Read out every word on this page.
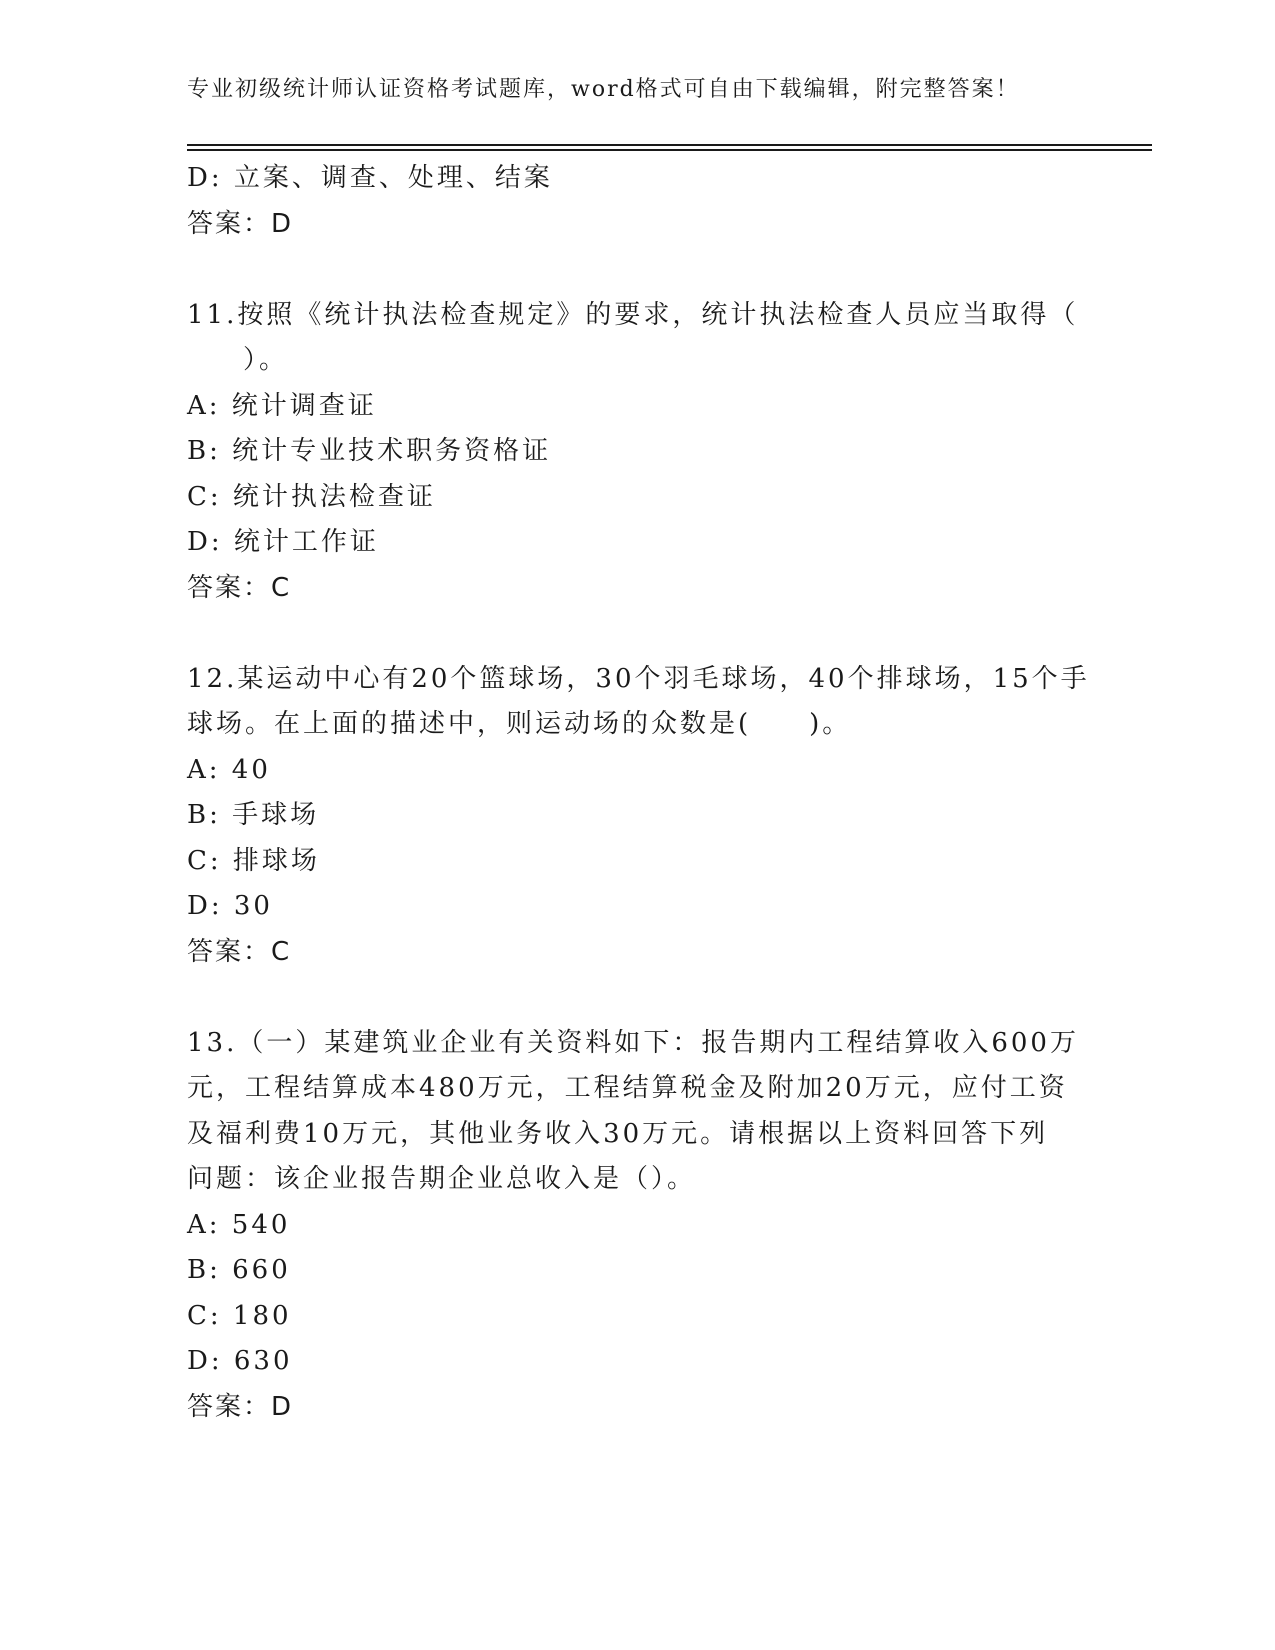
专业初级统计师认证资格考试题库，word格式可自由下载编辑，附完整答案！
D: 立案、调查、处理、结案
答案：D
11.按照《统计执法检查规定》的要求，统计执法检查人员应当取得（
）。
A: 统计调查证
B: 统计专业技术职务资格证
C: 统计执法检查证
D: 统计工作证
答案：C
12.某运动中心有20个篮球场，30个羽毛球场，40个排球场，15个手
球场。在上面的描述中，则运动场的众数是(　　)。
A: 40
B: 手球场
C: 排球场
D: 30
答案：C
13.（一）某建筑业企业有关资料如下：报告期内工程结算收入600万
元，工程结算成本480万元，工程结算税金及附加20万元，应付工资
及福利费10万元，其他业务收入30万元。请根据以上资料回答下列
问题：该企业报告期企业总收入是（）。
A: 540
B: 660
C: 180
D: 630
答案：D
